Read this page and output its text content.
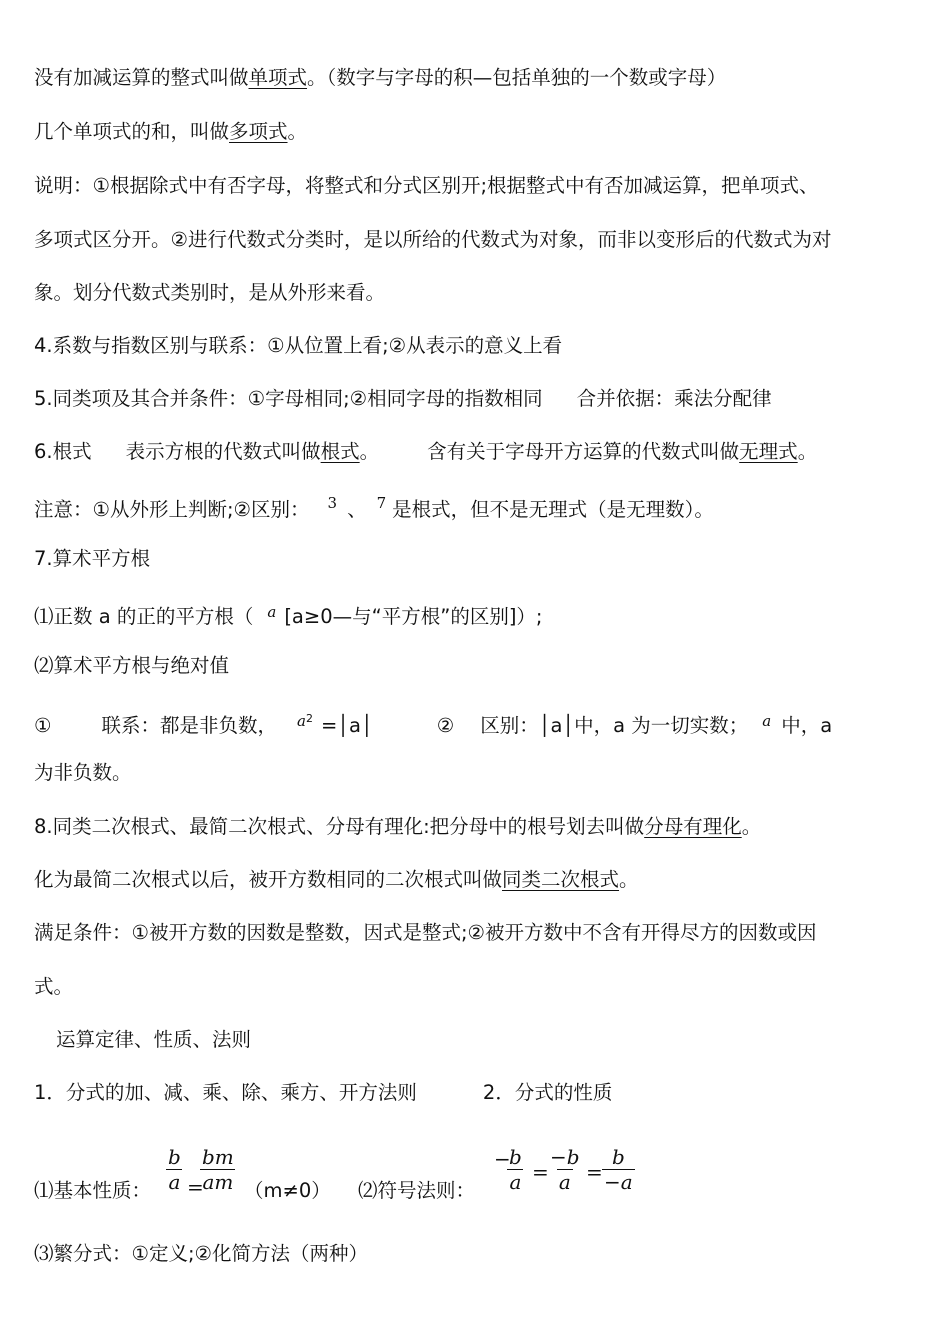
没有加减运算的整式叫做单项式。（数字与字母的积—包括单独的一个数或字母）
几个单项式的和，叫做多项式。
说明：①根据除式中有否字母，将整式和分式区别开;根据整式中有否加减运算，把单项式、
多项式区分开。②进行代数式分类时，是以所给的代数式为对象，而非以变形后的代数式为对
象。划分代数式类别时，是从外形来看。
4.系数与指数区别与联系：①从位置上看;②从表示的意义上看
5.同类项及其合并条件：①字母相同;②相同字母的指数相同 合并依据：乘法分配律
6.根式 表示方根的代数式叫做根式。 含有关于字母开方运算的代数式叫做无理式。
注意：①从外形上判断;②区别： $^3$ 、 $^7$ 是根式，但不是无理式（是无理数）。
7.算术平方根
⑴正数 a 的正的平方根（ $^a$ [a≥0—与“平方根”的区别]）;
⑵算术平方根与绝对值
①	联系：都是非负数， $^{a2}$ =│a│	② 区别：│a│中，a 为一切实数； $^a$ 中，a
为非负数。
8.同类二次根式、最简二次根式、分母有理化:把分母中的根号划去叫做分母有理化。
化为最简二次根式以后，被开方数相同的二次根式叫做同类二次根式。
满足条件：①被开方数的因数是整数，因式是整式;②被开方数中不含有开得尽方的因数或因
式。
运算定律、性质、法则
1．分式的加、减、乘、除、乘方、开方法则	2．分式的性质
⑴基本性质： $\frac{b}{a}$ =
$\frac{bm}{am} (m\ne 0)$ ⑵符号法则：
−
$\frac{b}{a} = \frac{-b}{a} = \frac{b}{-a}$
⑶繁分式：①定义;②化简方法（两种）
